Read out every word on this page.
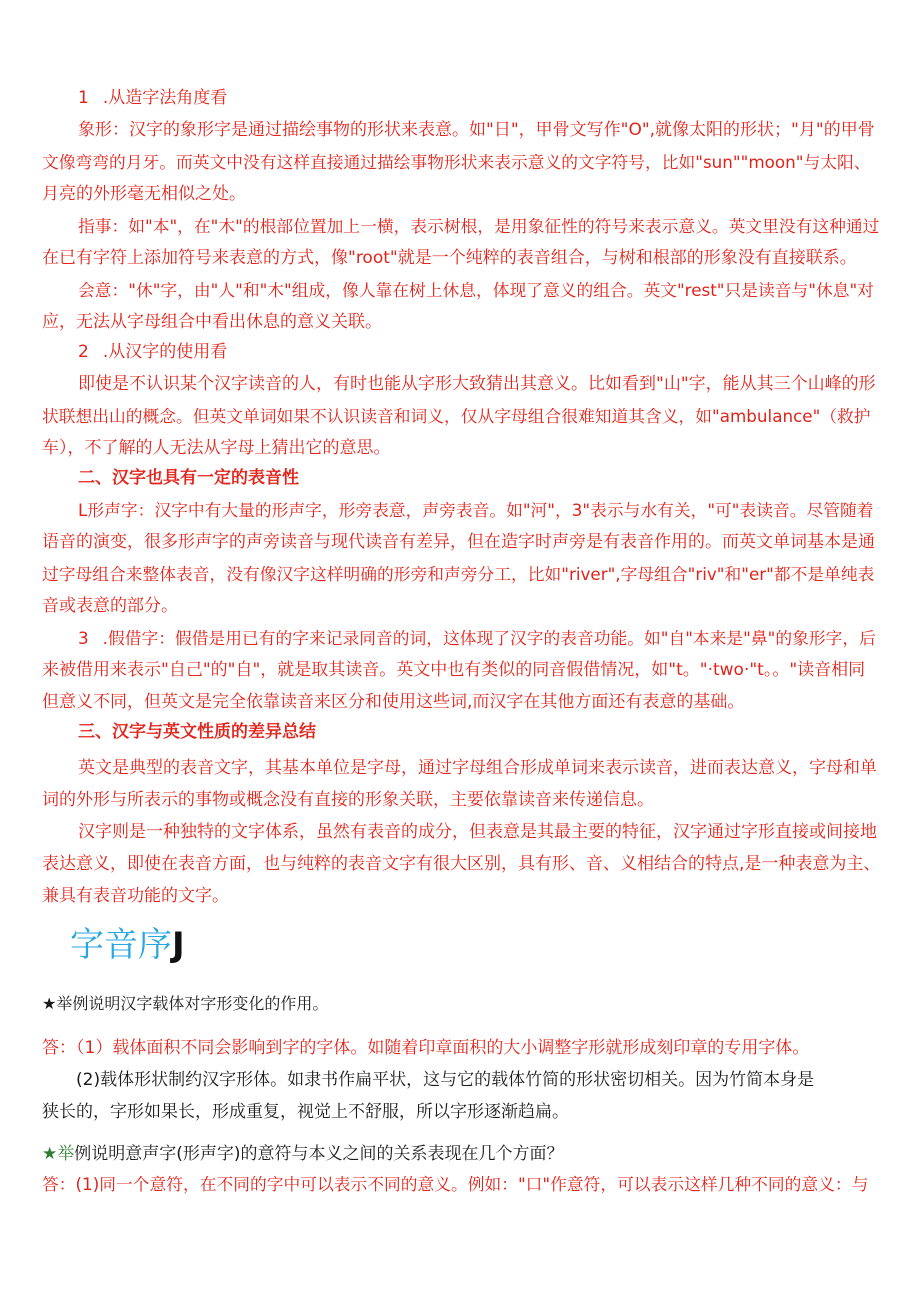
1 .从造字法角度看

象形：汉字的象形字是通过描绘事物的形状来表意。如"日"，甲骨文写作"O",就像太阳的形状；"月"的甲骨

文像弯弯的月牙。而英文中没有这样直接通过描绘事物形状来表示意义的文字符号，比如"sun""moon"与太阳、

月亮的外形毫无相似之处。

指事：如"本"，在"木"的根部位置加上一横，表示树根，是用象征性的符号来表示意义。英文里没有这种通过

在已有字符上添加符号来表意的方式，像"root"就是一个纯粹的表音组合，与树和根部的形象没有直接联系。

会意："休"字，由"人"和"木"组成，像人靠在树上休息，体现了意义的组合。英文"rest"只是读音与"休息"对

应，无法从字母组合中看出休息的意义关联。

2 .从汉字的使用看

即使是不认识某个汉字读音的人，有时也能从字形大致猜出其意义。比如看到"山"字，能从其三个山峰的形

状联想出山的概念。但英文单词如果不认识读音和词义，仅从字母组合很难知道其含义，如"ambulance"（救护

车），不了解的人无法从字母上猜出它的意思。

二、汉字也具有一定的表音性

L形声字：汉字中有大量的形声字，形旁表意，声旁表音。如"河"，3"表示与水有关，"可"表读音。尽管随着

语音的演变，很多形声字的声旁读音与现代读音有差异，但在造字时声旁是有表音作用的。而英文单词基本是通

过字母组合来整体表音，没有像汉字这样明确的形旁和声旁分工，比如"river",字母组合"riv"和"er"都不是单纯表

音或表意的部分。

3 .假借字：假借是用已有的字来记录同音的词，这体现了汉字的表音功能。如"自"本来是"鼻"的象形字，后

来被借用来表示"自己"的"自"，就是取其读音。英文中也有类似的同音假借情况，如"t。"·two·"t。。"读音相同

但意义不同，但英文是完全依靠读音来区分和使用这些词,而汉字在其他方面还有表意的基础。

三、汉字与英文性质的差异总结

英文是典型的表音文字，其基本单位是字母，通过字母组合形成单词来表示读音，进而表达意义，字母和单

词的外形与所表示的事物或概念没有直接的形象关联，主要依靠读音来传递信息。

汉字则是一种独特的文字体系，虽然有表音的成分，但表意是其最主要的特征，汉字通过字形直接或间接地

表达意义，即使在表音方面，也与纯粹的表音文字有很大区别，具有形、音、义相结合的特点,是一种表意为主、

兼具有表音功能的文字。

字音序J

★举例说明汉字载体对字形变化的作用。

答：（1）载体面积不同会影响到字的字体。如随着印章面积的大小调整字形就形成刻印章的专用字体。

(2)载体形状制约汉字形体。如隶书作扁平状，这与它的载体竹简的形状密切相关。因为竹简本身是

狭长的，字形如果长，形成重复，视觉上不舒服，所以字形逐渐趋扁。

★举例说明意声字(形声字)的意符与本义之间的关系表现在几个方面？

答：(1)同一个意符，在不同的字中可以表示不同的意义。例如："口"作意符，可以表示这样几种不同的意义：与
